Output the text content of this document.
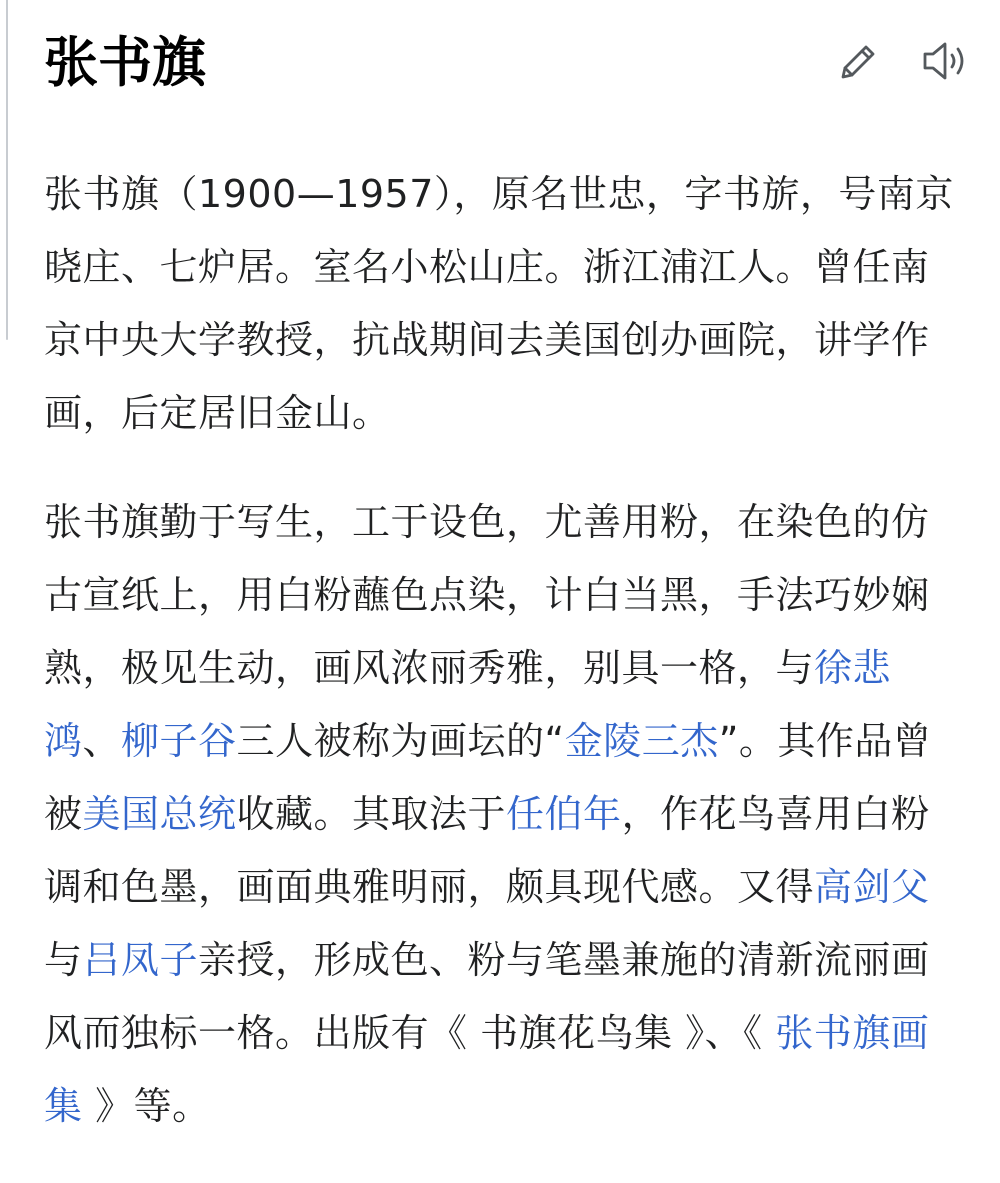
张书旗

张书旗（1900—1957），原名世忠，字书旂，号南京晓庄、七炉居。室名小松山庄。浙江浦江人。曾任南京中央大学教授，抗战期间去美国创办画院，讲学作画，后定居旧金山。

张书旗勤于写生，工于设色，尤善用粉，在染色的仿古宣纸上，用白粉蘸色点染，计白当黑，手法巧妙娴熟，极见生动，画风浓丽秀雅，别具一格，与徐悲鸿、柳子谷三人被称为画坛的“金陵三杰”。其作品曾被美国总统收藏。其取法于任伯年，作花鸟喜用白粉调和色墨，画面典雅明丽，颇具现代感。又得高剑父与吕凤子亲授，形成色、粉与笔墨兼施的清新流丽画风而独标一格。出版有《 书旗花鸟集 》、《 张书旗画集 》等。
